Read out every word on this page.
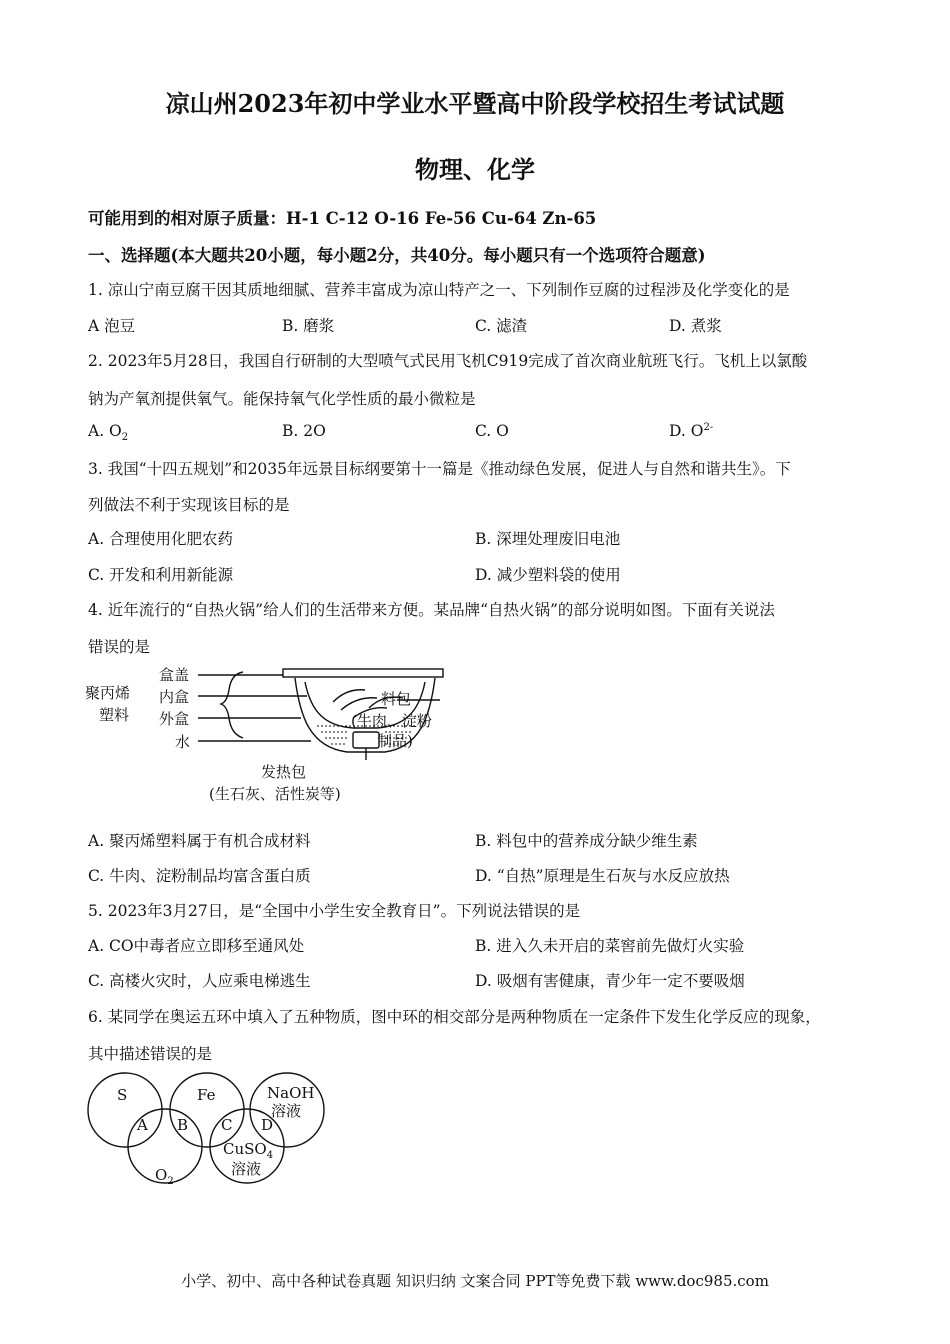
凉山州2023年初中学业水平暨高中阶段学校招生考试试题
物理、化学
可能用到的相对原子质量：H-1 C-12 O-16 Fe-56 Cu-64 Zn-65
一、选择题(本大题共20小题，每小题2分，共40分。每小题只有一个选项符合题意)
1. 凉山宁南豆腐干因其质地细腻、营养丰富成为凉山特产之一、下列制作豆腐的过程涉及化学变化的是
A 泡豆	B. 磨浆	C. 滤渣	D. 煮浆
2. 2023年5月28日，我国自行研制的大型喷气式民用飞机C919完成了首次商业航班飞行。飞机上以氯酸
钠为产氧剂提供氧气。能保持氧气化学性质的最小微粒是
A. $O_2$	B. 2O	C. O	D. $O^{2-}$
3. 我国“十四五规划”和2035年远景目标纲要第十一篇是《推动绿色发展，促进人与自然和谐共生》。下
列做法不利于实现该目标的是
A. 合理使用化肥农药	B. 深埋处理废旧电池
C. 开发和利用新能源	D. 减少塑料袋的使用
4. 近年流行的“自热火锅”给人们的生活带来方便。某品牌“自热火锅”的部分说明如图。下面有关说法
错误的是
聚丙烯
塑料
盒盖
内盒
外盒
水
料包
(牛肉、淀粉
制品)
发热包
(生石灰、活性炭等)
A. 聚丙烯塑料属于有机合成材料	B. 料包中的营养成分缺少维生素
C. 牛肉、淀粉制品均富含蛋白质	D. “自热”原理是生石灰与水反应放热
5. 2023年3月27日，是“全国中小学生安全教育日”。下列说法错误的是
A. CO中毒者应立即移至通风处	B. 进入久未开启的菜窖前先做灯火实验
C. 高楼火灾时，人应乘电梯逃生	D. 吸烟有害健康，青少年一定不要吸烟
6. 某同学在奥运五环中填入了五种物质，图中环的相交部分是两种物质在一定条件下发生化学反应的现象，
其中描述错误的是
S	Fe	NaOH
溶液
$O_2$
CuSO$_4$
溶液
A B C D
小学、初中、高中各种试卷真题 知识归纳 文案合同 PPT等免费下载 www.doc985.com
